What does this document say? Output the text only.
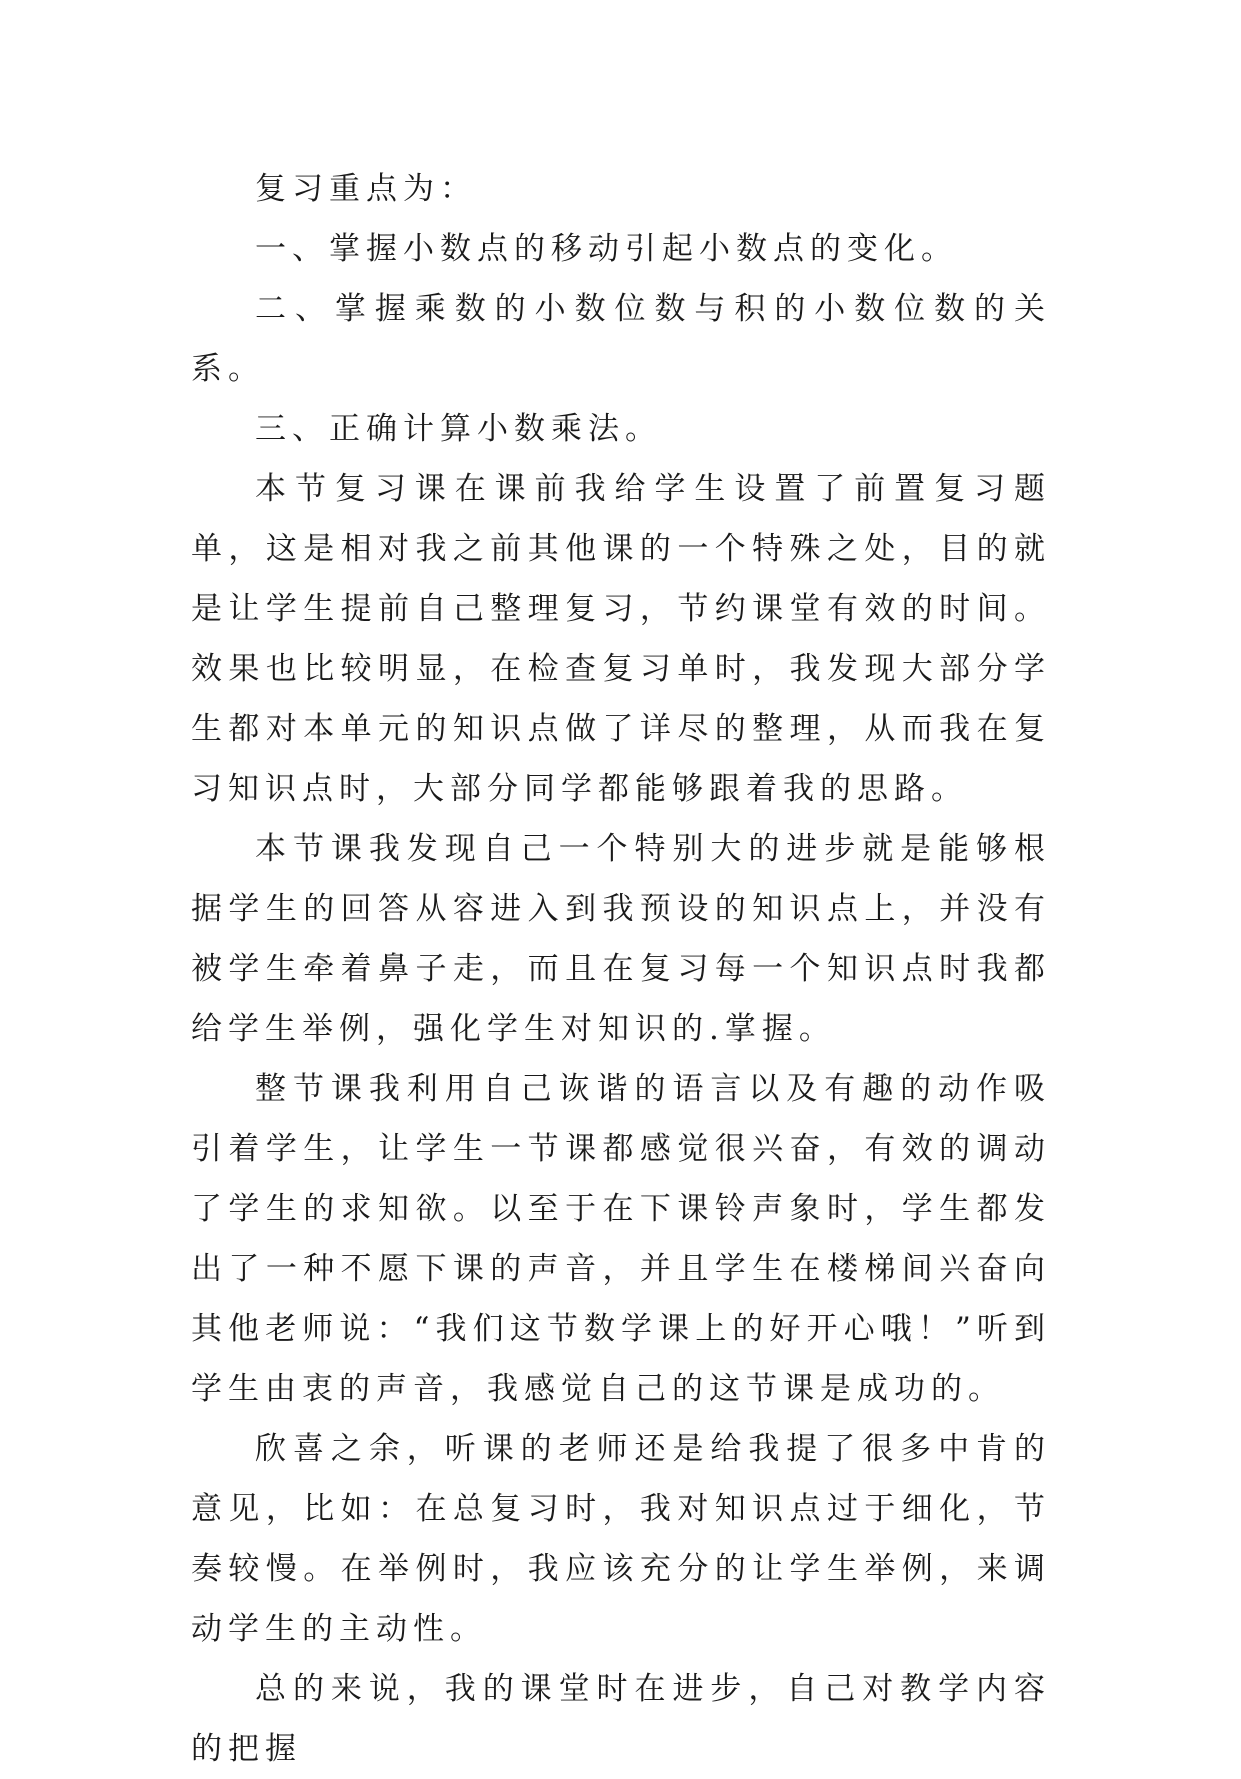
复习重点为：

一、掌握小数点的移动引起小数点的变化。

二、掌握乘数的小数位数与积的小数位数的关系。

三、正确计算小数乘法。

本节复习课在课前我给学生设置了前置复习题单，这是相对我之前其他课的一个特殊之处，目的就是让学生提前自己整理复习，节约课堂有效的时间。效果也比较明显，在检查复习单时，我发现大部分学生都对本单元的知识点做了详尽的整理，从而我在复习知识点时，大部分同学都能够跟着我的思路。

本节课我发现自己一个特别大的进步就是能够根据学生的回答从容进入到我预设的知识点上，并没有被学生牵着鼻子走，而且在复习每一个知识点时我都给学生举例，强化学生对知识的.掌握。

整节课我利用自己诙谐的语言以及有趣的动作吸引着学生，让学生一节课都感觉很兴奋，有效的调动了学生的求知欲。以至于在下课铃声象时，学生都发出了一种不愿下课的声音，并且学生在楼梯间兴奋向其他老师说：“我们这节数学课上的好开心哦！”听到学生由衷的声音，我感觉自己的这节课是成功的。

欣喜之余，听课的老师还是给我提了很多中肯的意见，比如：在总复习时，我对知识点过于细化，节奏较慢。在举例时，我应该充分的让学生举例，来调动学生的主动性。

总的来说，我的课堂时在进步，自己对教学内容的把握
